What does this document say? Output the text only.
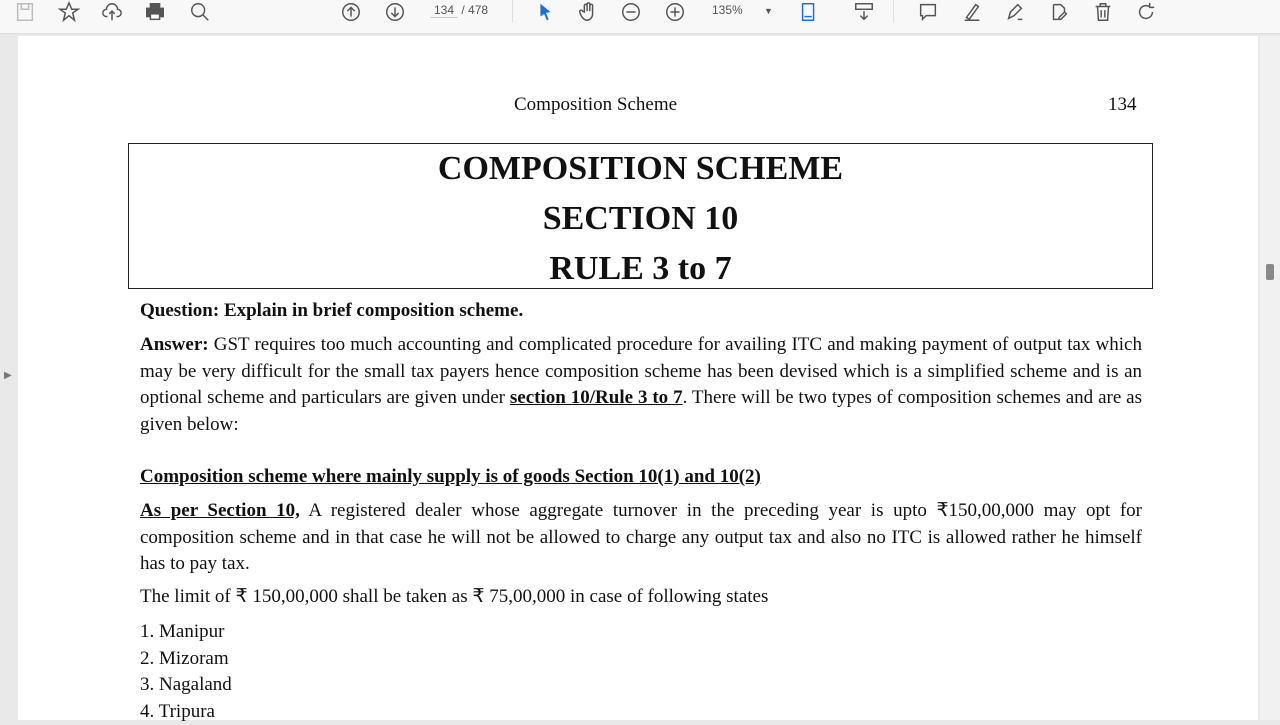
134 / 478	135% ▼
▶
Composition Scheme	134
COMPOSITION SCHEME
SECTION 10
RULE 3 to 7
Question: Explain in brief composition scheme.
Answer: GST requires too much accounting and complicated procedure for availing ITC and making payment of output tax which may be very difficult for the small tax payers hence composition scheme has been devised which is a simplified scheme and is an optional scheme and particulars are given under section 10/Rule 3 to 7. There will be two types of composition schemes and are as given below:
Composition scheme where mainly supply is of goods Section 10(1) and 10(2)
As per Section 10, A registered dealer whose aggregate turnover in the preceding year is upto ₹150,00,000 may opt for composition scheme and in that case he will not be allowed to charge any output tax and also no ITC is allowed rather he himself has to pay tax.
The limit of ₹ 150,00,000 shall be taken as ₹ 75,00,000 in case of following states
1. Manipur
2. Mizoram
3. Nagaland
4. Tripura
